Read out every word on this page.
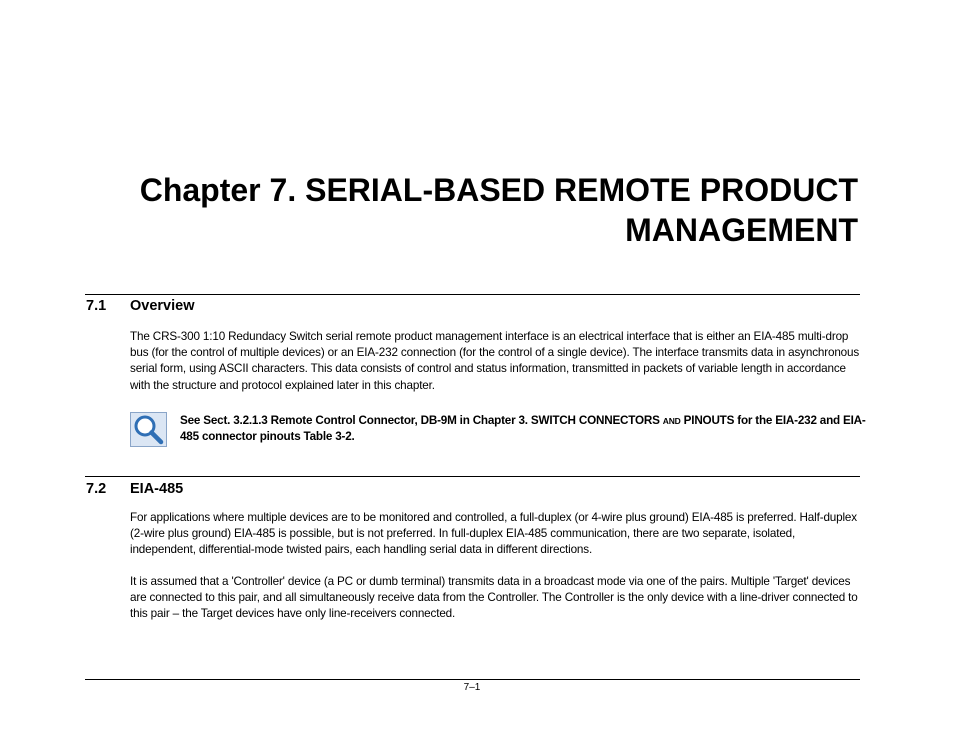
Chapter 7. SERIAL-BASED REMOTE PRODUCT
MANAGEMENT
7.1 Overview

The CRS-300 1:10 Redundacy Switch serial remote product management interface is an electrical interface that is either an EIA-485 multi-drop bus (for the control of multiple devices) or an EIA-232 connection (for the control of a single device). The interface transmits data in asynchronous serial form, using ASCII characters. This data consists of control and status information, transmitted in packets of variable length in accordance with the structure and protocol explained later in this chapter.

See Sect. 3.2.1.3 Remote Control Connector, DB-9M in Chapter 3. SWITCH CONNECTORS AND PINOUTS for the EIA-232 and EIA-485 connector pinouts Table 3-2.

7.2 EIA-485

For applications where multiple devices are to be monitored and controlled, a full-duplex (or 4-wire plus ground) EIA-485 is preferred. Half-duplex (2-wire plus ground) EIA-485 is possible, but is not preferred. In full-duplex EIA-485 communication, there are two separate, isolated, independent, differential-mode twisted pairs, each handling serial data in different directions.

It is assumed that a 'Controller' device (a PC or dumb terminal) transmits data in a broadcast mode via one of the pairs. Multiple 'Target' devices are connected to this pair, and all simultaneously receive data from the Controller. The Controller is the only device with a line-driver connected to this pair – the Target devices have only line-receivers connected.

7–1
